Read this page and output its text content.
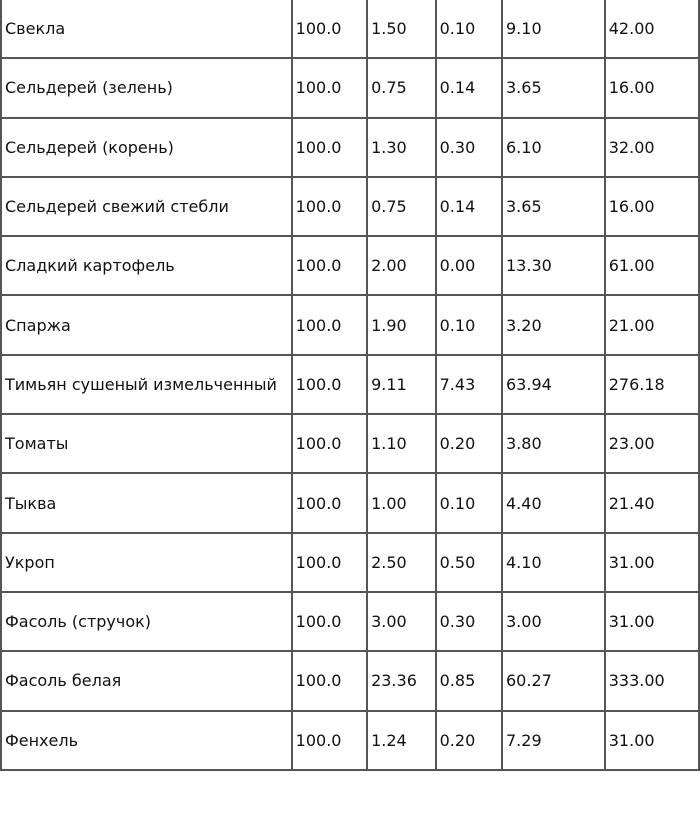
Свекла	100.0	1.50	0.10	9.10	42.00
Сельдерей (зелень)	100.0	0.75	0.14	3.65	16.00
Сельдерей (корень)	100.0	1.30	0.30	6.10	32.00
Сельдерей свежий стебли	100.0	0.75	0.14	3.65	16.00
Сладкий картофель	100.0	2.00	0.00	13.30	61.00
Спаржа	100.0	1.90	0.10	3.20	21.00
Тимьян сушеный измельченный	100.0	9.11	7.43	63.94	276.18
Томаты	100.0	1.10	0.20	3.80	23.00
Тыква	100.0	1.00	0.10	4.40	21.40
Укроп	100.0	2.50	0.50	4.10	31.00
Фасоль (стручок)	100.0	3.00	0.30	3.00	31.00
Фасоль белая	100.0	23.36	0.85	60.27	333.00
Фенхель	100.0	1.24	0.20	7.29	31.00
